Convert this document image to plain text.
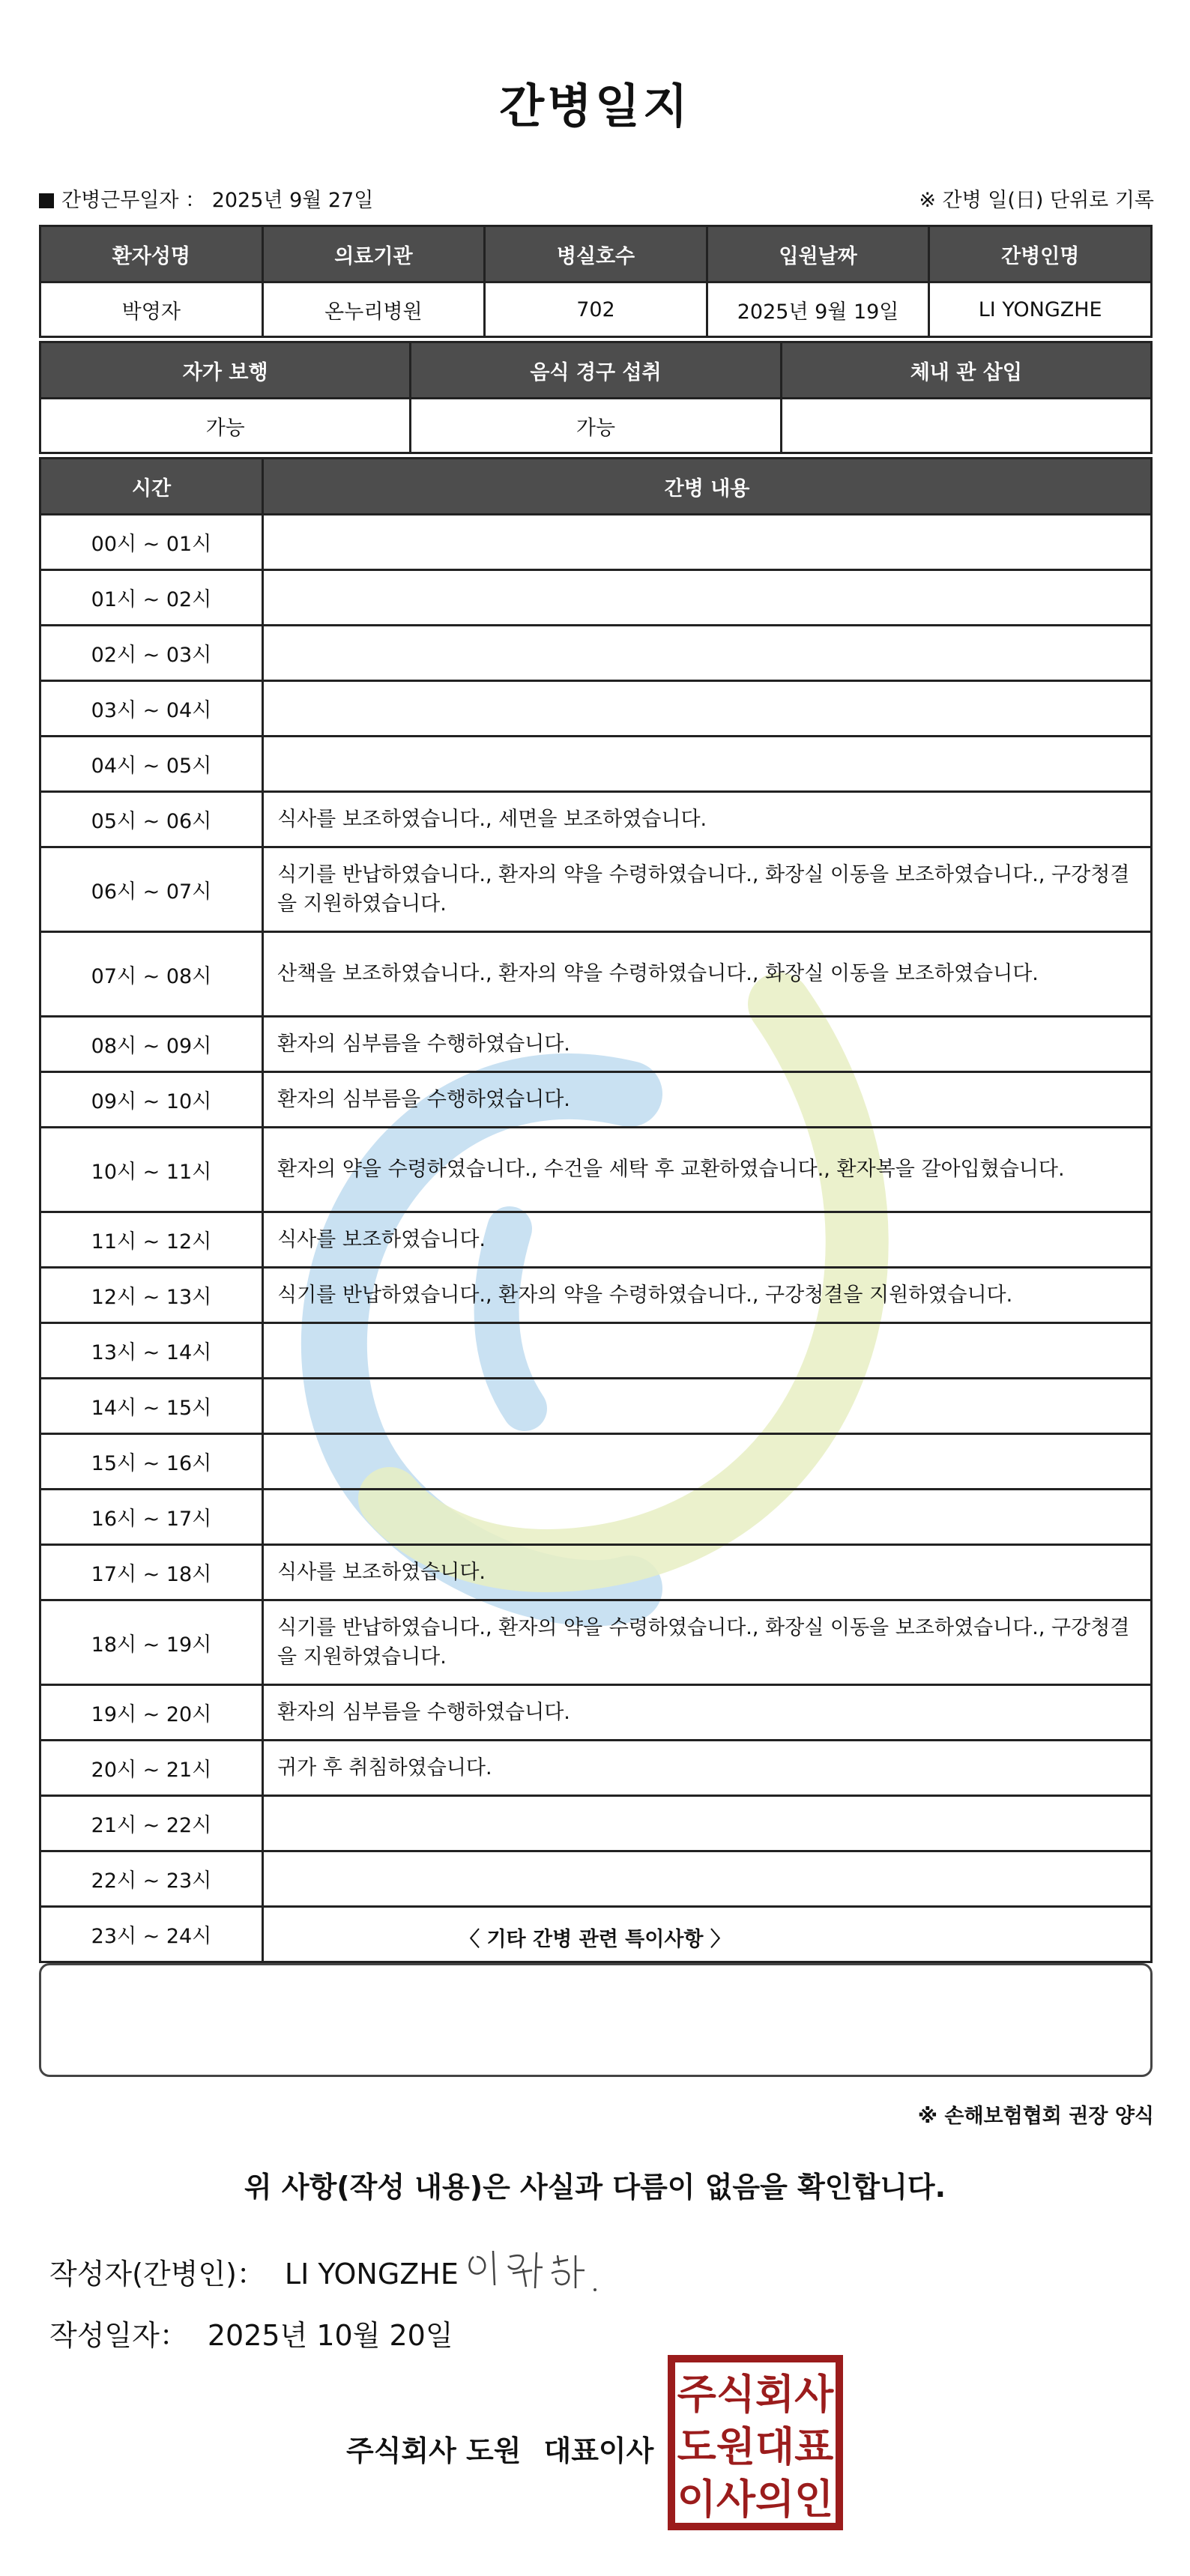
간병일지
간병근무일자 ： 2025년 9월 27일	※ 간병 일(日) 단위로 기록
환자성명	의료기관	병실호수	입원날짜	간병인명
박영자	온누리병원	702	2025년 9월 19일	LI YONGZHE
자가 보행	음식 경구 섭취	체내 관 삽입
가능	가능	
시간	간병 내용
00시 ~ 01시	
01시 ~ 02시	
02시 ~ 03시	
03시 ~ 04시	
04시 ~ 05시	
05시 ~ 06시	식사를 보조하였습니다., 세면을 보조하였습니다.
06시 ~ 07시	식기를 반납하였습니다., 환자의 약을 수령하였습니다., 화장실 이동을 보조하였습니다., 구강청결을 지원하였습니다.
07시 ~ 08시	산책을 보조하였습니다., 환자의 약을 수령하였습니다., 화장실 이동을 보조하였습니다.
08시 ~ 09시	환자의 심부름을 수행하였습니다.
09시 ~ 10시	환자의 심부름을 수행하였습니다.
10시 ~ 11시	환자의 약을 수령하였습니다., 수건을 세탁 후 교환하였습니다., 환자복을 갈아입혔습니다.
11시 ~ 12시	식사를 보조하였습니다.
12시 ~ 13시	식기를 반납하였습니다., 환자의 약을 수령하였습니다., 구강청결을 지원하였습니다.
13시 ~ 14시	
14시 ~ 15시	
15시 ~ 16시	
16시 ~ 17시	
17시 ~ 18시	식사를 보조하였습니다.
18시 ~ 19시	식기를 반납하였습니다., 환자의 약을 수령하였습니다., 화장실 이동을 보조하였습니다., 구강청결을 지원하였습니다.
19시 ~ 20시	환자의 심부름을 수행하였습니다.
20시 ~ 21시	귀가 후 취침하였습니다.
21시 ~ 22시	
22시 ~ 23시	
23시 ~ 24시		〈 기타 간병 관련 특이사항 〉
※ 손해보험협회 권장 양식
위 사항(작성 내용)은 사실과 다름이 없음을 확인합니다.
작성자(간병인)： LI YONGZHE
작성일자： 2025년 10월 20일
주식회사 도원 대표이사
주식회사
도원대표
이사의인
